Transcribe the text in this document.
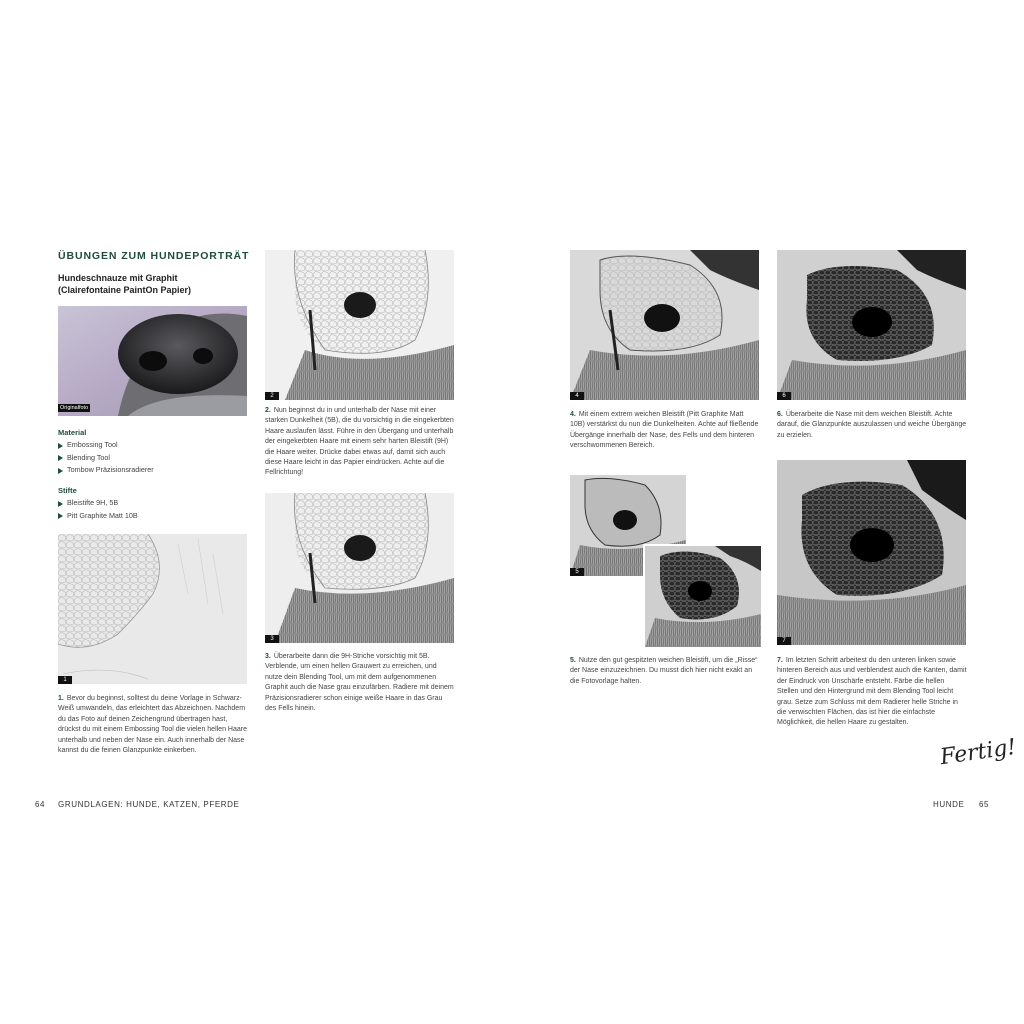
ÜBUNGEN ZUM HUNDEPORTRÄT
Hundeschnauze mit Graphit
(Clairefontaine PaintOn Papier)
Originalfoto
Material
Embossing Tool
Blending Tool
Tombow Präzisionsradierer
Stifte
Bleistifte 9H, 5B
Pitt Graphite Matt 10B
1
1. Bevor du beginnst, solltest du deine Vorlage in Schwarz-Weiß umwandeln, das erleichtert das Abzeichnen. Nachdem du das Foto auf deinen Zeichengrund übertragen hast, drückst du mit einem Embossing Tool die vielen hellen Haare unterhalb und neben der Nase ein. Auch innerhalb der Nase kannst du die feinen Glanzpunkte einkerben.
2
2. Nun beginnst du in und unterhalb der Nase mit einer starken Dunkelheit (5B), die du vorsichtig in die eingekerbten Haare auslaufen lässt. Führe in den Übergang und unterhalb der eingekerbten Haare mit einem sehr harten Bleistift (9H) die Haare weiter. Drücke dabei etwas auf, damit sich auch diese Haare leicht in das Papier eindrücken. Achte auf die Fellrichtung!
3
3. Überarbeite dann die 9H-Striche vorsichtig mit 5B. Verblende, um einen hellen Grauwert zu erreichen, und nutze dein Blending Tool, um mit dem aufgenommenen Graphit auch die Nase grau einzufärben. Radiere mit deinem Präzisionsradierer schon einige weiße Haare in das Grau des Fells hinein.
64 GRUNDLAGEN: HUNDE, KATZEN, PFERDE
4
4. Mit einem extrem weichen Bleistift (Pitt Graphite Matt 10B) verstärkst du nun die Dunkelheiten. Achte auf fließende Übergänge innerhalb der Nase, des Fells und dem hinteren verschwommenen Bereich.
5
5. Nutze den gut gespitzten weichen Bleistift, um die „Risse“ der Nase einzuzeichnen. Du musst dich hier nicht exakt an die Fotovorlage halten.
6
6. Überarbeite die Nase mit dem weichen Bleistift. Achte darauf, die Glanzpunkte auszulassen und weiche Übergänge zu erzielen.
7
7. Im letzten Schritt arbeitest du den unteren linken sowie hinteren Bereich aus und verblendest auch die Kanten, damit der Eindruck von Unschärfe entsteht. Färbe die hellen Stellen und den Hintergrund mit dem Blending Tool leicht grau. Setze zum Schluss mit dem Radierer helle Striche in die verwischten Flächen, das ist hier die einfachste Möglichkeit, die hellen Haare zu gestalten.
Fertig!
HUNDE 65
